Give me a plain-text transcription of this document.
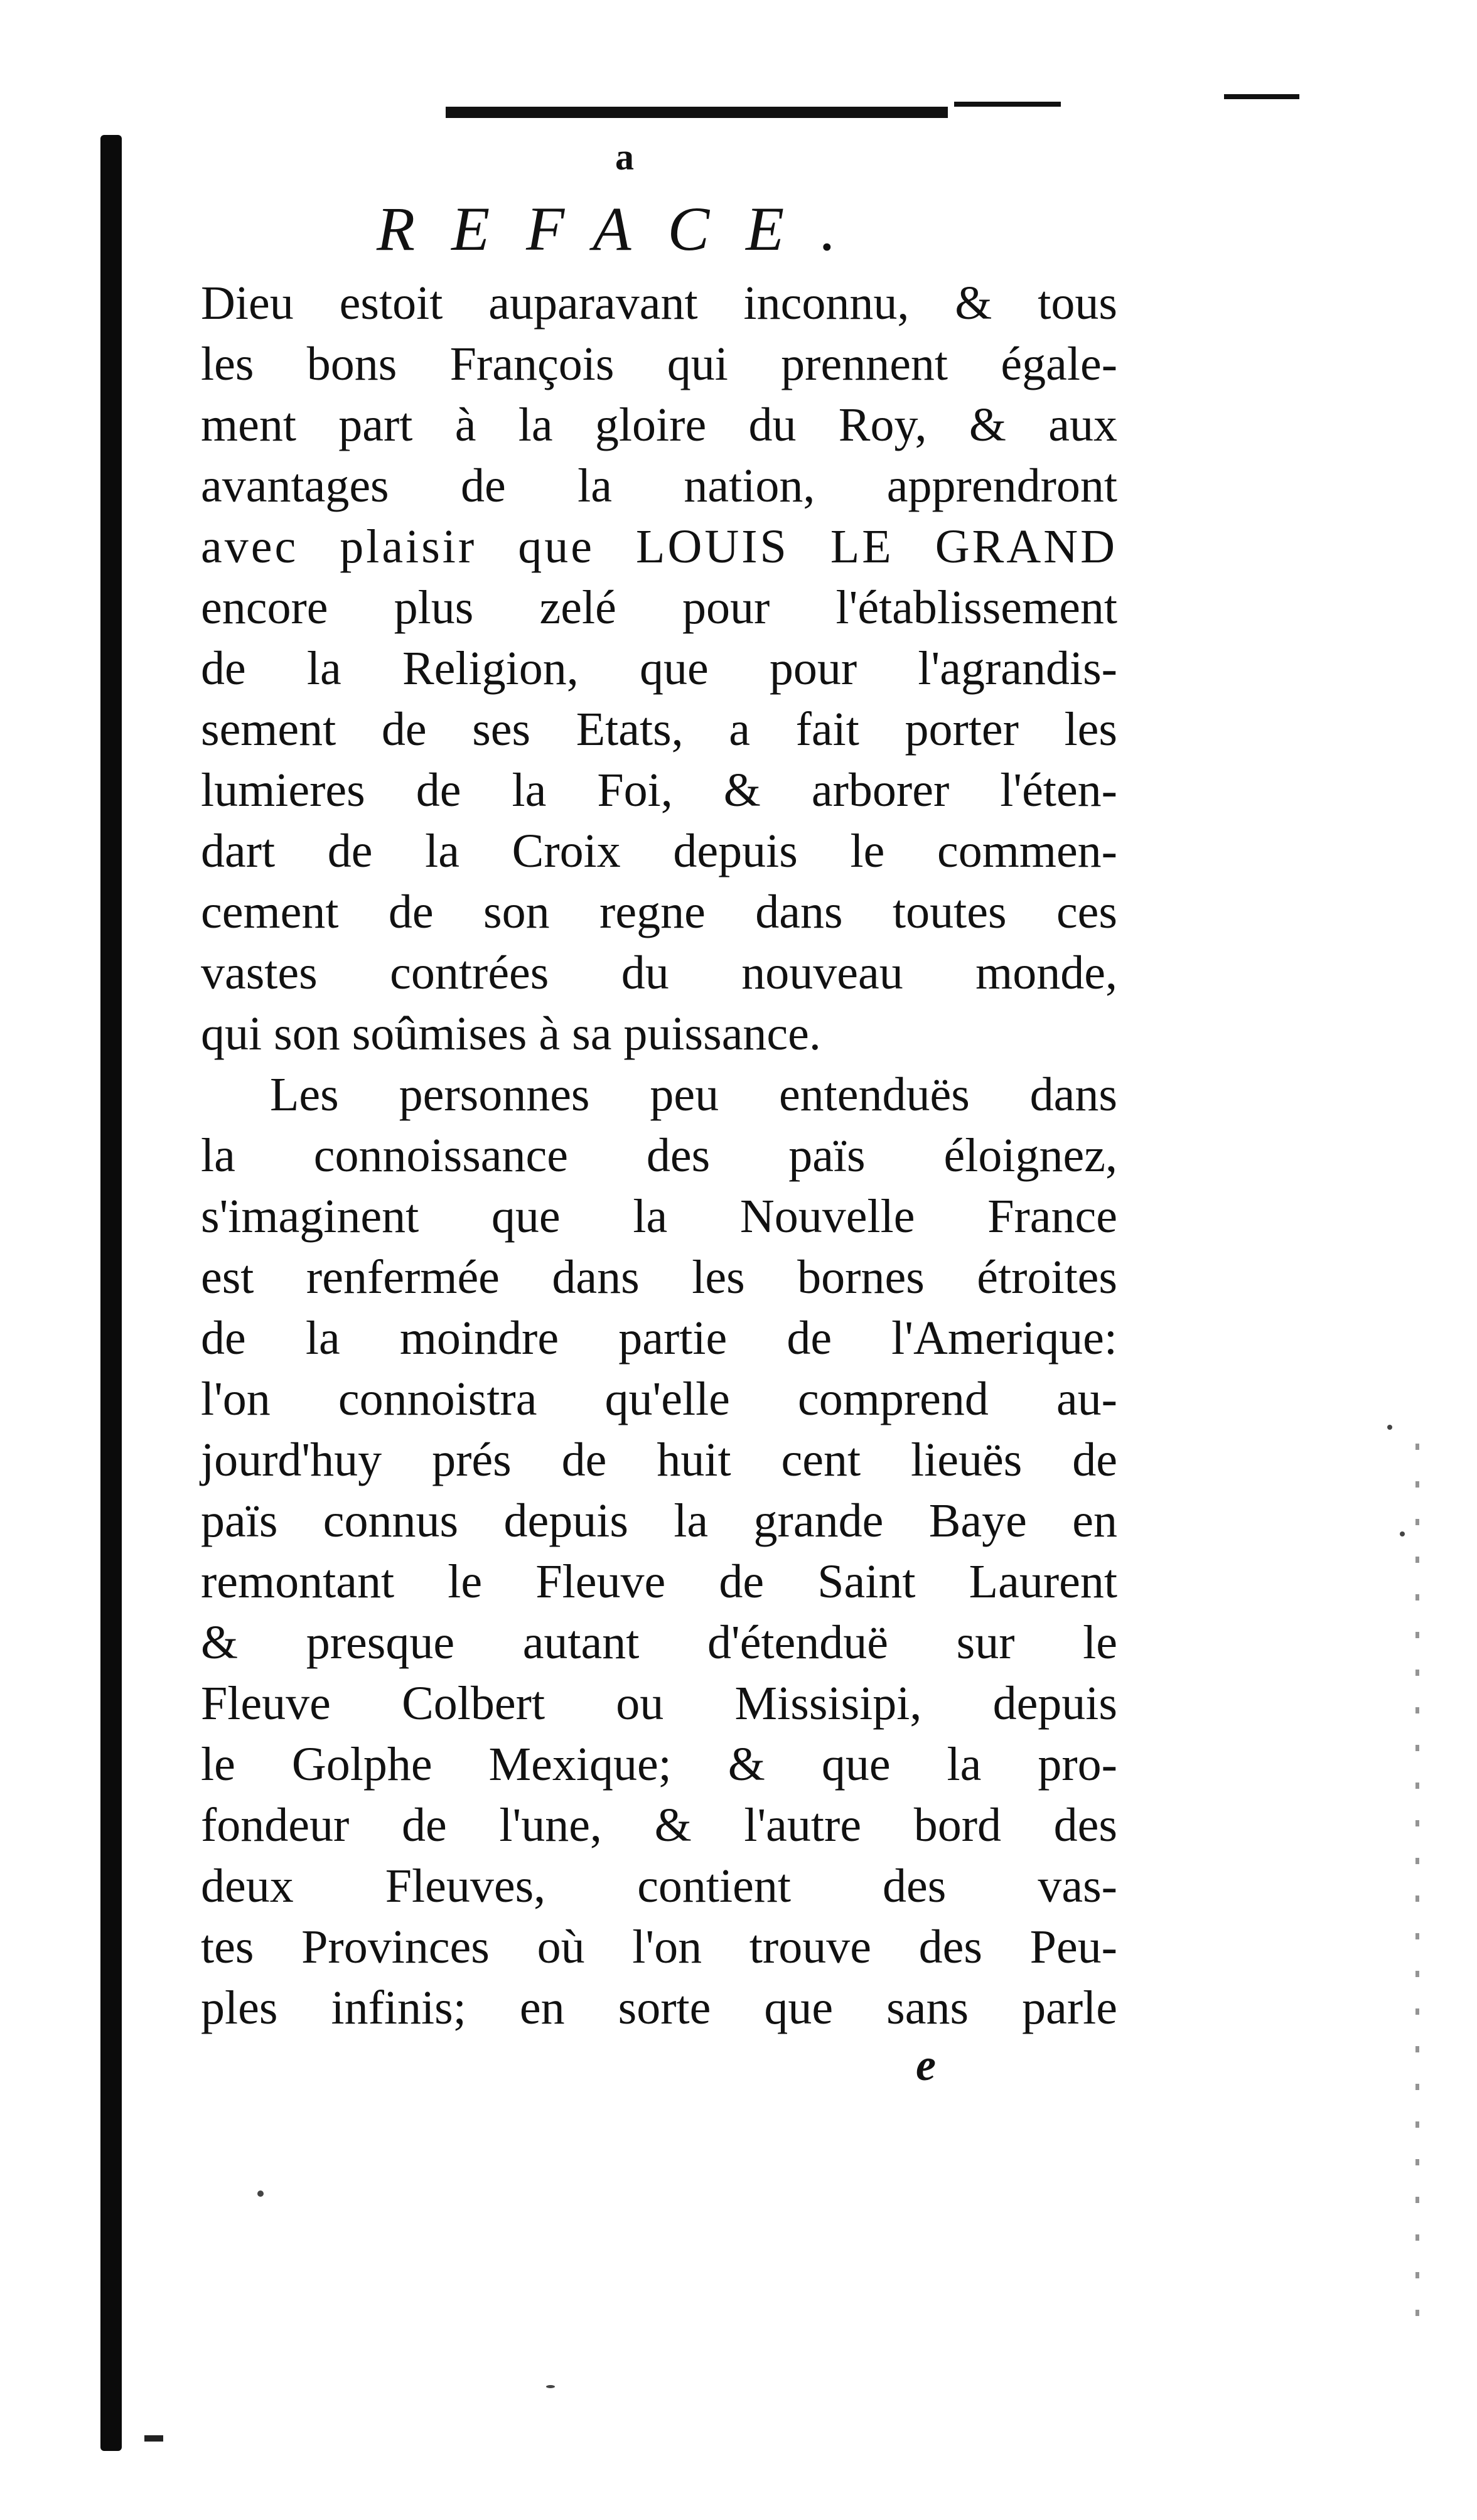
a
REFACE.
Dieu estoit auparavant inconnu, & tous
les bons François qui prennent égale-
ment part à la gloire du Roy, & aux
avantages de la nation, apprendront
avec plaisir que LOUIS LE GRAND
encore plus zelé pour l'établissement
de la Religion, que pour l'agrandis-
sement de ses Etats, a fait porter les
lumieres de la Foi, & arborer l'éten-
dart de la Croix depuis le commen-
cement de son regne dans toutes ces
vastes contrées du nouveau monde,
qui son soûmises à sa puissance.
Les personnes peu entenduës dans
la connoissance des païs éloignez,
s'imaginent que la Nouvelle France
est renfermée dans les bornes étroites
de la moindre partie de l'Amerique:
l'on connoistra qu'elle comprend au-
jourd'huy prés de huit cent lieuës de
païs connus depuis la grande Baye en
remontant le Fleuve de Saint Laurent
& presque autant d'étenduë sur le
Fleuve Colbert ou Missisipi, depuis
le Golphe Mexique; & que la pro-
fondeur de l'une, & l'autre bord des
deux Fleuves, contient des vas-
tes Provinces où l'on trouve des Peu-
ples infinis; en sorte que sans parle
e
